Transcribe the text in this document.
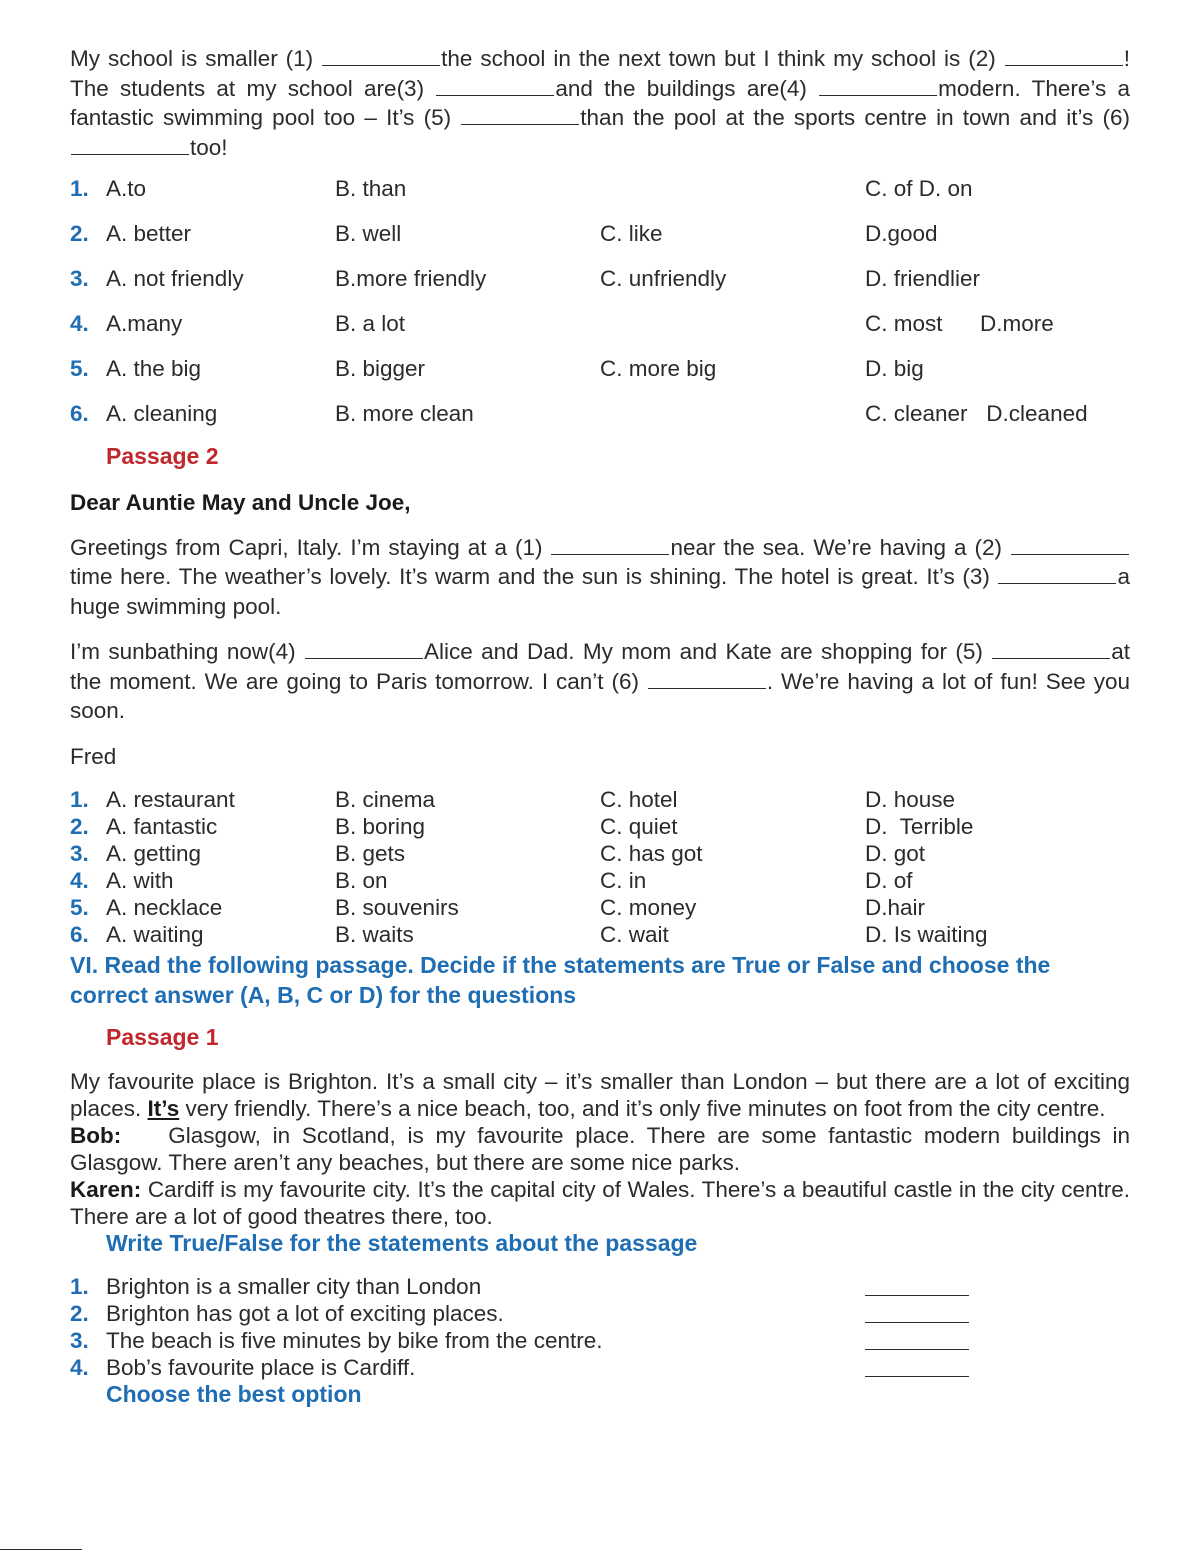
My school is smaller (1)	the school in the next town but I think my school is (2)	! The students at my school are(3)	and the buildings are(4)	modern. There’s a fantastic swimming pool too – It’s (5)	than the pool at the sports centre in town and it’s (6) too!

1. A.to	B. than	C. of D. on
2. A. better	B. well	C. like	D.good
3. A. not friendly	B.more friendly	C. unfriendly	D. friendlier
4. A.many	B. a lot	C. most      D.more
5. A. the big	B. bigger	C. more big	D. big
6. A. cleaning	B. more clean	C. cleaner   D.cleaned
Passage 2

Dear Auntie May and Uncle Joe,

Greetings from Capri, Italy. I’m staying at a (1)	near the sea. We’re having a (2) time here. The weather’s lovely. It’s warm and the sun is shining. The hotel is great. It’s (3)	a huge swimming pool.

I’m sunbathing now(4)	Alice and Dad. My mom and Kate are shopping for (5)	at the moment. We are going to Paris tomorrow. I can’t (6)	. We’re having a lot of fun! See you soon.

Fred

1. A. restaurant	B. cinema	C. hotel	D. house
2. A. fantastic	B. boring	C. quiet	D.  Terrible
3. A. getting	B. gets	C. has got	D. got
4. A. with	B. on	C. in	D. of
5. A. necklace	B. souvenirs	C. money	D.hair
6. A. waiting	B. waits	C. wait	D. Is waiting

VI. Read the following passage. Decide if the statements are True or False and choose the correct answer (A, B, C or D) for the questions

Passage 1

My favourite place is Brighton. It’s a small city – it’s smaller than London – but there are a lot of exciting places. It’s very friendly. There’s a nice beach, too, and it’s only five minutes on foot from the city centre.

Bob:    Glasgow, in Scotland, is my favourite place. There are some fantastic modern buildings in Glasgow. There aren’t any beaches, but there are some nice parks.

Karen: Cardiff is my favourite city. It’s the capital city of Wales. There’s a beautiful castle in the city centre. There are a lot of good theatres there, too.

Write True/False for the statements about the passage

1. Brighton is a smaller city than London
2. Brighton has got a lot of exciting places.
3. The beach is five minutes by bike from the centre.
4. Bob’s favourite place is Cardiff.

Choose the best option
